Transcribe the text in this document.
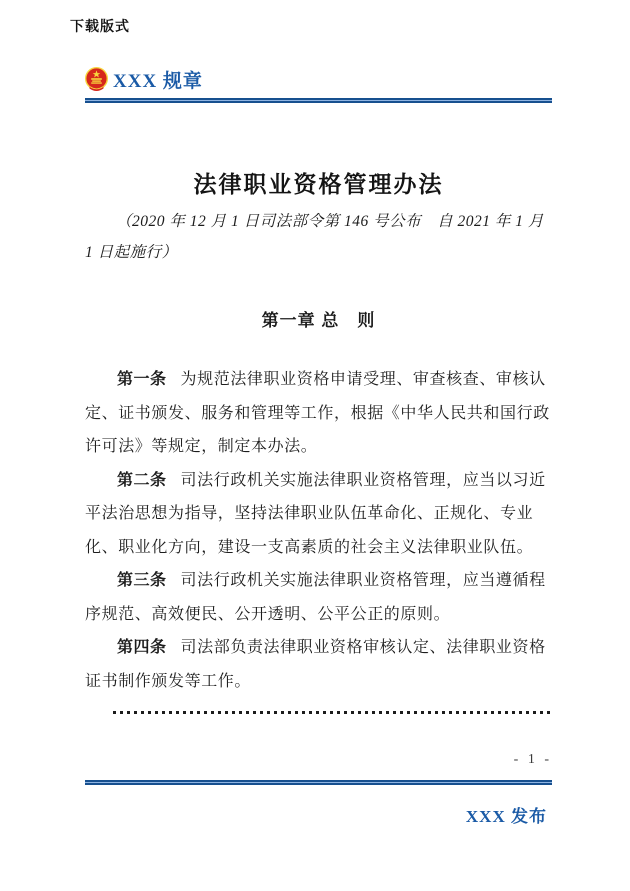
下载版式
XXX 规章
法律职业资格管理办法

（2020 年 12 月 1 日司法部令第 146 号公布　自 2021 年 1 月 1 日起施行）

第一章 总　则

第一条 为规范法律职业资格申请受理、审查核查、审核认定、证书颁发、服务和管理等工作，根据《中华人民共和国行政许可法》等规定，制定本办法。

第二条 司法行政机关实施法律职业资格管理，应当以习近平法治思想为指导，坚持法律职业队伍革命化、正规化、专业化、职业化方向，建设一支高素质的社会主义法律职业队伍。

第三条 司法行政机关实施法律职业资格管理，应当遵循程序规范、高效便民、公开透明、公平公正的原则。

第四条 司法部负责法律职业资格审核认定、法律职业资格证书制作颁发等工作。

- 1 -
XXX 发布
